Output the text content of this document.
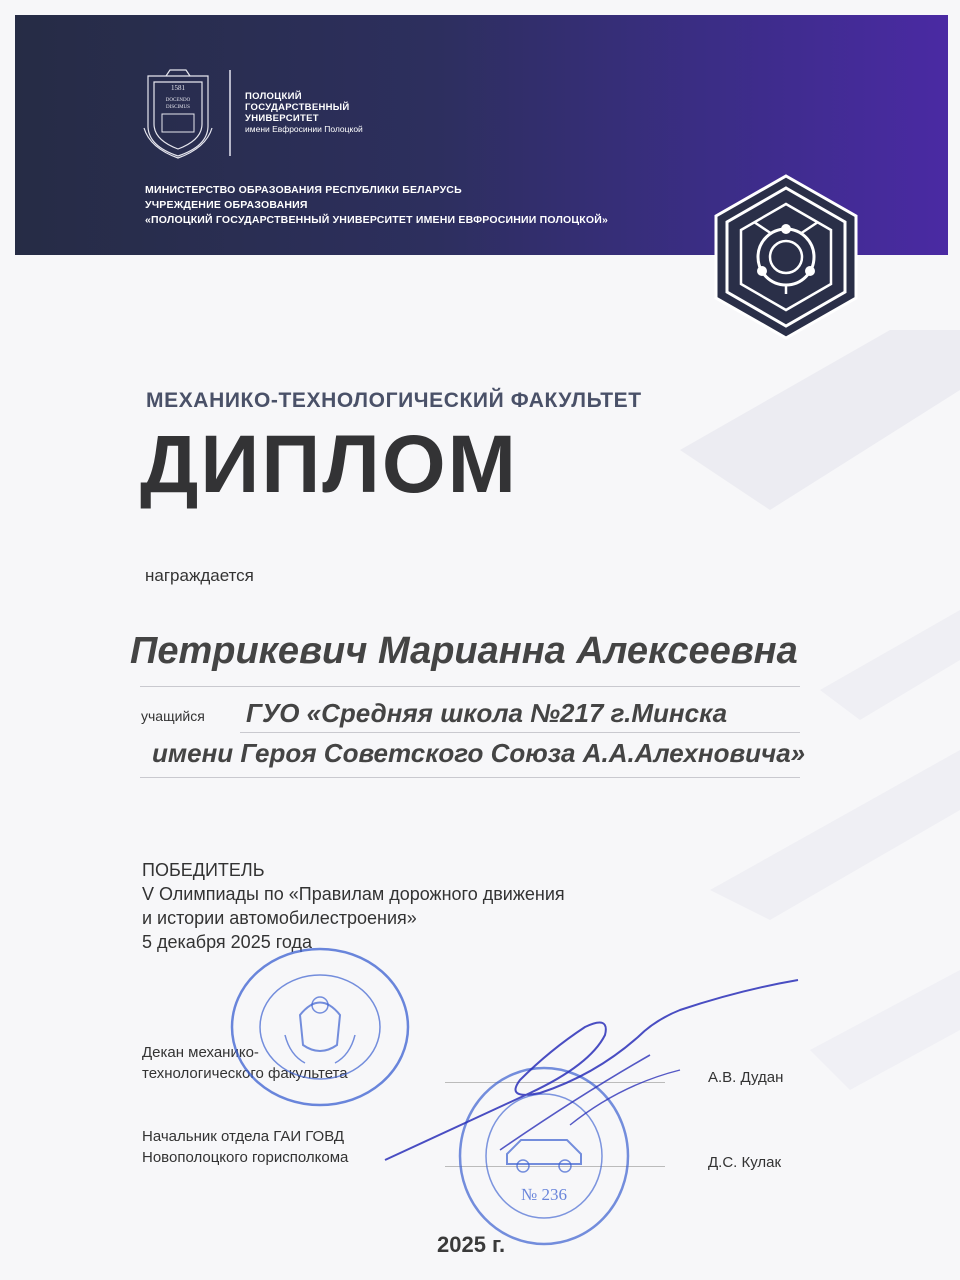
1581
DOCENDO
DISCIMUS
ПОЛОЦКИЙ
ГОСУДАРСТВЕННЫЙ
УНИВЕРСИТЕТ
имени Евфросинии Полоцкой
МИНИСТЕРСТВО ОБРАЗОВАНИЯ РЕСПУБЛИКИ БЕЛАРУСЬ
УЧРЕЖДЕНИЕ ОБРАЗОВАНИЯ
«ПОЛОЦКИЙ ГОСУДАРСТВЕННЫЙ УНИВЕРСИТЕТ ИМЕНИ ЕВФРОСИНИИ ПОЛОЦКОЙ»
МЕХАНИКО-ТЕХНОЛОГИЧЕСКИЙ ФАКУЛЬТЕТ
ДИПЛОМ
награждается
Петрикевич Марианна Алексеевна
учащийся ГУО «Средняя школа №217 г.Минска
имени Героя Советского Союза А.А.Алехновича»
ПОБЕДИТЕЛЬ
V Олимпиады по «Правилам дорожного движения
и истории автомобилестроения»
5 декабря 2025 года
Декан механико-
технологического факультета	А.В. Дудан
Начальник отдела ГАИ ГОВД
Новополоцкого горисполкома	Д.С. Кулак
№ 236
2025 г.
